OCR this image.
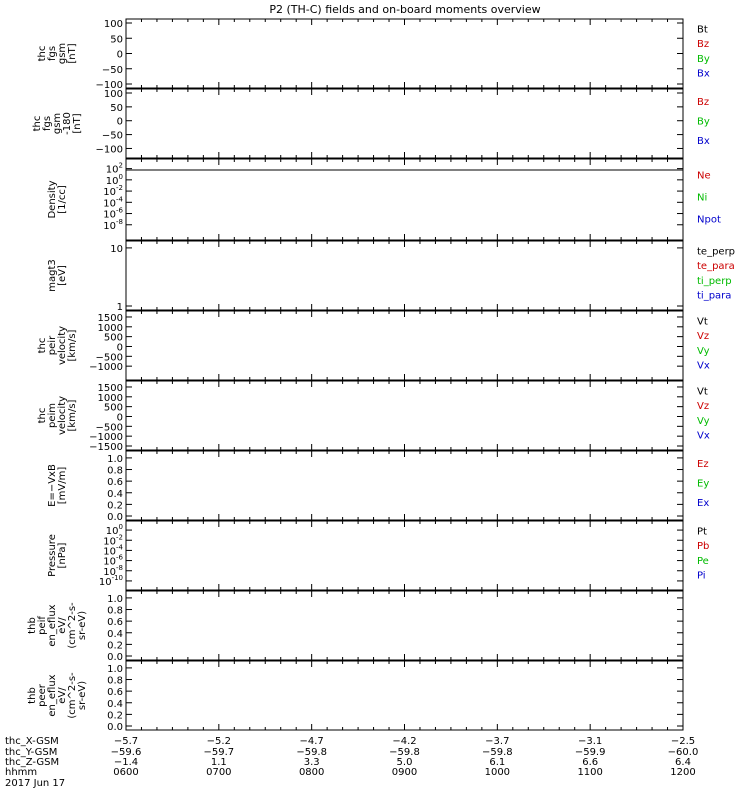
P2 (TH-C) fields and on-board moments overview
100
50
0
−50
−100
thc fgs gsm [nT]
Bt
Bz
By
Bx
100
50
0
−50
−100
thc fgs gsm -180 [nT]
Bz
By
Bx
$10^2$
$10^0$
$10^{-2}$
$10^{-4}$
$10^{-6}$
$10^{-8}$
Density [1/cc]
Ne
Ni
Npot
10
1
magt3 [eV]
te_perp
te_para
ti_perp
ti_para
1500
1000
500
0
−500
−1000
thc peir velocity [km/s]
Vt
Vz
Vy
Vx
1500
1000
500
0
−500
−1000
−1500
thc peim velocity [km/s]
Vt
Vz
Vy
Vx
1.0
0.8
0.6
0.4
0.2
0.0
E=−VxB [mV/m]
Ez
Ey
Ex
$10^0$
$10^{-2}$
$10^{-4}$
$10^{-6}$
$10^{-8}$
$10^{-10}$
Pressure [nPa]
Pt
Pb
Pe
Pi
1.0
0.8
0.6
0.4
0.2
0.0
thb peif en_eflux eV/ (cm^2-s- sr-eV)
1.0
0.8
0.6
0.4
0.2
0.0
thb peer en_eflux eV/ (cm^2-s- sr-eV)
thc_X-GSM	−5.7	−5.2	−4.7	−4.2	−3.7	−3.1	−2.5
thc_Y-GSM	−59.6	−59.7	−59.8	−59.8	−59.8	−59.9	−60.0
thc_Z-GSM	−1.4	1.1	3.3	5.0	6.1	6.6	6.4
hhmm	0600	0700	0800	0900	1000	1100	1200
2017 Jun 17
